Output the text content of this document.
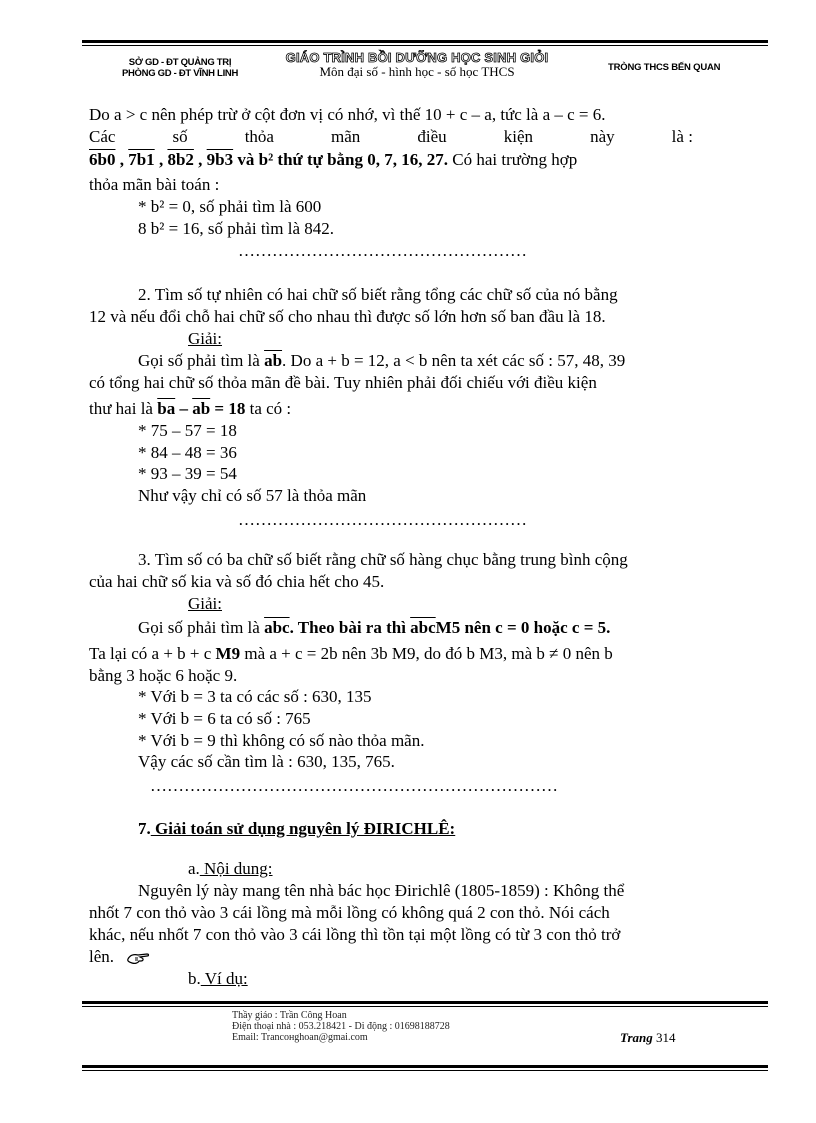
SỞ GD - ĐT QUẢNG TRỊ
PHÒNG GD - ĐT VĨNH LINH
GIÁO TRÌNH BỒI DƯỠNG HỌC SINH GIỎI
Môn đại số - hình học - số học THCS	TRÒNG THCS BẾN QUAN
Do a > c nên phép trừ ở cột đơn vị có nhớ, vì thế 10 + c – a, tức là a – c = 6.
Các	số	thỏa	mãn	điều	kiện	này	là :
6b0 , 7b1 , 8b2 , 9b3 và b² thứ tự bằng 0, 7, 16, 27. Có hai trường hợp
thỏa mãn bài toán :
* b² = 0, số phải tìm là 600
8 b² = 16, số phải tìm là 842.
……………………………………………
2. Tìm số tự nhiên có hai chữ số biết rằng tổng các chữ số của nó bằng
12 và nếu đổi chỗ hai chữ số cho nhau thì được số lớn hơn số ban đầu là 18.
Giải:
Gọi số phải tìm là $\overline{ab}$. Do a + b = 12, a < b nên ta xét các số : 57, 48, 39
có tổng hai chữ số thỏa mãn đề bài. Tuy nhiên phải đối chiếu với điều kiện
thư hai là $\overline{ba} - \overline{ab} = 18$ ta có :
* 75 – 57 = 18
* 84 – 48 = 36
* 93 – 39 = 54
Như vậy chỉ có số 57 là thỏa mãn
……………………………………………
3. Tìm số có ba chữ số biết rằng chữ số hàng chục bằng trung bình cộng
của hai chữ số kia và số đó chia hết cho 45.
Giải:
Gọi số phải tìm là $\overline{abc}$. Theo bài ra thì $\overline{abc}M5$ nên c = 0 hoặc c = 5.
Ta lại có a + b + c M9 mà a + c = 2b nên 3b M9, do đó b M3, mà b ≠ 0 nên b
bằng 3 hoặc 6 hoặc 9.
* Với b = 3 ta có các số : 630, 135
* Với b = 6 ta có số : 765
* Với b = 9 thì không có số nào thỏa mãn.
Vậy các số cần tìm là : 630, 135, 765.
………………………………………………………………
7. Giải toán sử dụng nguyên lý ĐIRICHLÊ:
a. Nội dung:
Nguyên lý này mang tên nhà bác học Đirichlê (1805-1859) : Không thể
nhốt 7 con thỏ vào 3 cái lồng mà mỗi lồng có không quá 2 con thỏ. Nói cách
khác, nếu nhốt 7 con thỏ vào 3 cái lồng thì tồn tại một lồng có từ 3 con thỏ trở
lên.
b. Ví dụ:
Thầy giáo : Trần Công Hoan
Điện thoại nhà : 053.218421 - Di động : 01698188728
Email: Trancонghoan@gmai.com	Trang 314
